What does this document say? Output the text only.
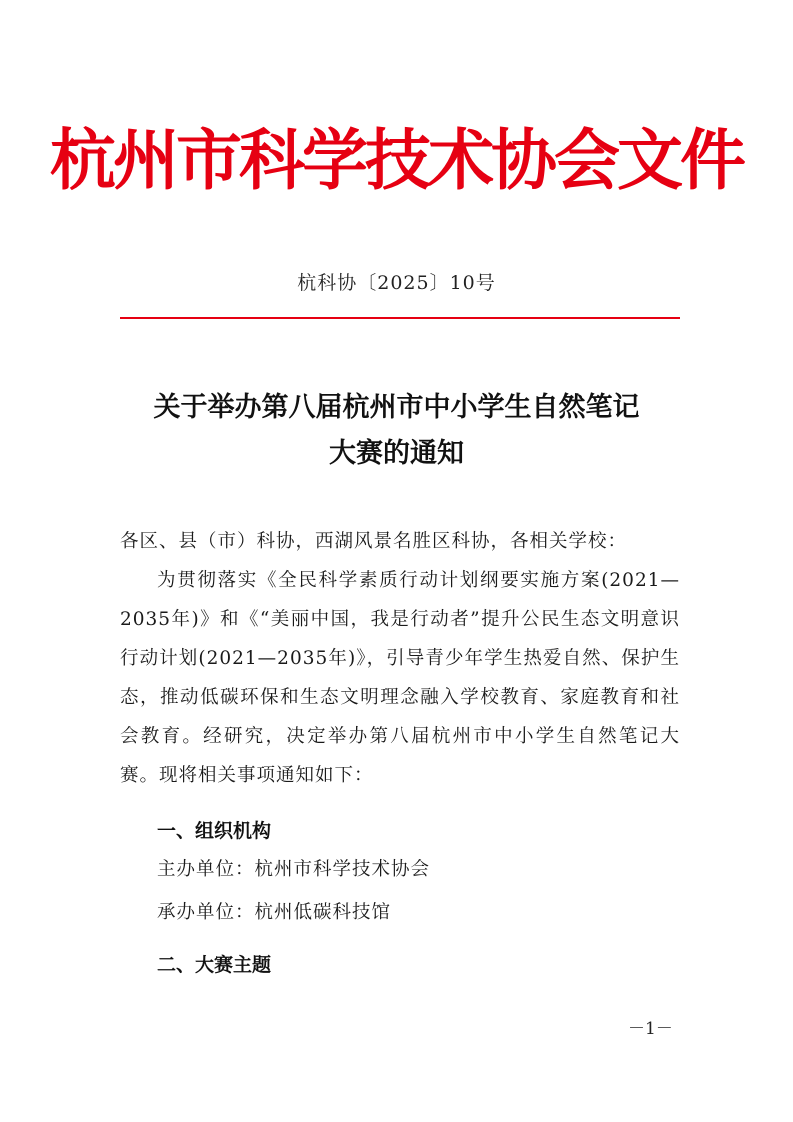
杭州市科学技术协会文件
杭科协〔2025〕10号
关于举办第八届杭州市中小学生自然笔记
大赛的通知
各区、县（市）科协，西湖风景名胜区科协，各相关学校：
为贯彻落实《全民科学素质行动计划纲要实施方案(2021—2035年)》和《“美丽中国，我是行动者”提升公民生态文明意识行动计划(2021—2035年)》，引导青少年学生热爱自然、保护生态，推动低碳环保和生态文明理念融入学校教育、家庭教育和社会教育。经研究，决定举办第八届杭州市中小学生自然笔记大赛。现将相关事项通知如下：
一、组织机构
主办单位：杭州市科学技术协会
承办单位：杭州低碳科技馆
二、大赛主题
－1－
